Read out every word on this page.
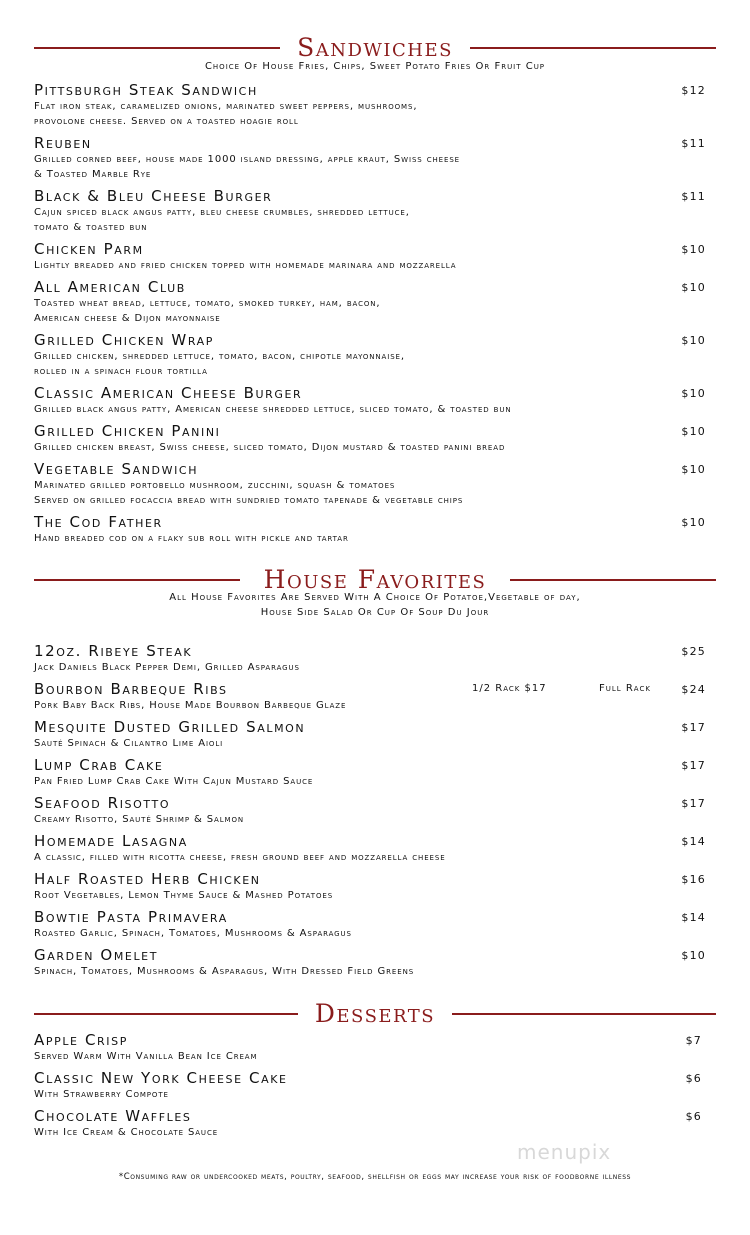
Sandwiches
Choice Of House Fries, Chips, Sweet Potato Fries Or Fruit Cup
Pittsburgh Steak Sandwich
Flat iron steak, caramelized onions, marinated sweet peppers, mushrooms,
provolone cheese. Served on a toasted hoagie roll
$12
Reuben
Grilled corned beef, house made 1000 island dressing, apple kraut, Swiss cheese
& Toasted Marble Rye
$11
Black & Bleu Cheese Burger
Cajun spiced black angus patty, bleu cheese crumbles, shredded lettuce,
tomato & toasted bun
$11
Chicken Parm
Lightly breaded and fried chicken topped with homemade marinara and mozzarella
$10
All American Club
Toasted wheat bread, lettuce, tomato, smoked turkey, ham, bacon,
American cheese & Dijon mayonnaise
$10
Grilled Chicken Wrap
Grilled chicken, shredded lettuce, tomato, bacon, chipotle mayonnaise,
rolled in a spinach flour tortilla
$10
Classic American Cheese Burger
Grilled black angus patty, American cheese shredded lettuce, sliced tomato, & toasted bun
$10
Grilled Chicken Panini
Grilled chicken breast, Swiss cheese, sliced tomato, Dijon mustard & toasted panini bread
$10
Vegetable Sandwich
Marinated grilled portobello mushroom, zucchini, squash & tomatoes
Served on grilled focaccia bread with sundried tomato tapenade & vegetable chips
$10
The Cod Father
Hand breaded cod on a flaky sub roll with pickle and tartar
$10
House Favorites
All House Favorites Are Served With A Choice Of Potatoe,Vegetable of day,
House Side Salad Or Cup Of Soup Du Jour
12oz. Ribeye Steak
Jack Daniels Black Pepper Demi, Grilled Asparagus
$25
Bourbon Barbeque Ribs
Pork Baby Back Ribs, House Made Bourbon Barbeque Glaze
1/2 Rack $17	Full Rack	$24
Mesquite Dusted Grilled Salmon
Sauté Spinach & Cilantro Lime Aioli
$17
Lump Crab Cake
Pan Fried Lump Crab Cake With Cajun Mustard Sauce
$17
Seafood Risotto
Creamy Risotto, Sauté Shrimp & Salmon
$17
Homemade Lasagna
A classic, filled with ricotta cheese, fresh ground beef and mozzarella cheese
$14
Half Roasted Herb Chicken
Root Vegetables, Lemon Thyme Sauce & Mashed Potatoes
$16
Bowtie Pasta Primavera
Roasted Garlic, Spinach, Tomatoes, Mushrooms & Asparagus
$14
Garden Omelet
Spinach, Tomatoes, Mushrooms & Asparagus, With Dressed Field Greens
$10
Desserts
Apple Crisp
Served Warm With Vanilla Bean Ice Cream
$7
Classic New York Cheese Cake
With Strawberry Compote
$6
Chocolate Waffles
With Ice Cream & Chocolate Sauce
$6
menupix
*Consuming raw or undercooked meats, poultry, seafood, shellfish or eggs may increase your risk of foodborne illness
